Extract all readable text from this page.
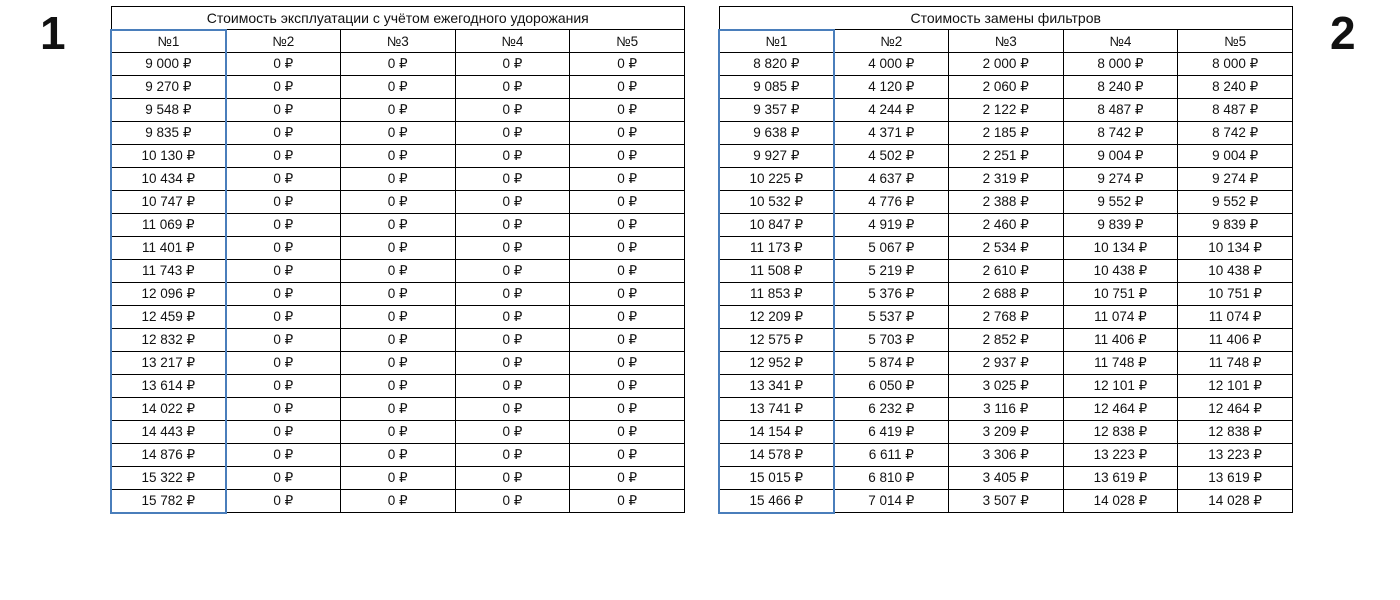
1	2
Стоимость эксплуатации с учётом ежегодного удорожания				
№1	№2	№3	№4	№5
9 000 ₽	0 ₽	0 ₽	0 ₽	0 ₽
9 270 ₽	0 ₽	0 ₽	0 ₽	0 ₽
9 548 ₽	0 ₽	0 ₽	0 ₽	0 ₽
9 835 ₽	0 ₽	0 ₽	0 ₽	0 ₽
10 130 ₽	0 ₽	0 ₽	0 ₽	0 ₽
10 434 ₽	0 ₽	0 ₽	0 ₽	0 ₽
10 747 ₽	0 ₽	0 ₽	0 ₽	0 ₽
11 069 ₽	0 ₽	0 ₽	0 ₽	0 ₽
11 401 ₽	0 ₽	0 ₽	0 ₽	0 ₽
11 743 ₽	0 ₽	0 ₽	0 ₽	0 ₽
12 096 ₽	0 ₽	0 ₽	0 ₽	0 ₽
12 459 ₽	0 ₽	0 ₽	0 ₽	0 ₽
12 832 ₽	0 ₽	0 ₽	0 ₽	0 ₽
13 217 ₽	0 ₽	0 ₽	0 ₽	0 ₽
13 614 ₽	0 ₽	0 ₽	0 ₽	0 ₽
14 022 ₽	0 ₽	0 ₽	0 ₽	0 ₽
14 443 ₽	0 ₽	0 ₽	0 ₽	0 ₽
14 876 ₽	0 ₽	0 ₽	0 ₽	0 ₽
15 322 ₽	0 ₽	0 ₽	0 ₽	0 ₽
15 782 ₽	0 ₽	0 ₽	0 ₽	0 ₽
Стоимость замены фильтров				
№1	№2	№3	№4	№5
8 820 ₽	4 000 ₽	2 000 ₽	8 000 ₽	8 000 ₽
9 085 ₽	4 120 ₽	2 060 ₽	8 240 ₽	8 240 ₽
9 357 ₽	4 244 ₽	2 122 ₽	8 487 ₽	8 487 ₽
9 638 ₽	4 371 ₽	2 185 ₽	8 742 ₽	8 742 ₽
9 927 ₽	4 502 ₽	2 251 ₽	9 004 ₽	9 004 ₽
10 225 ₽	4 637 ₽	2 319 ₽	9 274 ₽	9 274 ₽
10 532 ₽	4 776 ₽	2 388 ₽	9 552 ₽	9 552 ₽
10 847 ₽	4 919 ₽	2 460 ₽	9 839 ₽	9 839 ₽
11 173 ₽	5 067 ₽	2 534 ₽	10 134 ₽	10 134 ₽
11 508 ₽	5 219 ₽	2 610 ₽	10 438 ₽	10 438 ₽
11 853 ₽	5 376 ₽	2 688 ₽	10 751 ₽	10 751 ₽
12 209 ₽	5 537 ₽	2 768 ₽	11 074 ₽	11 074 ₽
12 575 ₽	5 703 ₽	2 852 ₽	11 406 ₽	11 406 ₽
12 952 ₽	5 874 ₽	2 937 ₽	11 748 ₽	11 748 ₽
13 341 ₽	6 050 ₽	3 025 ₽	12 101 ₽	12 101 ₽
13 741 ₽	6 232 ₽	3 116 ₽	12 464 ₽	12 464 ₽
14 154 ₽	6 419 ₽	3 209 ₽	12 838 ₽	12 838 ₽
14 578 ₽	6 611 ₽	3 306 ₽	13 223 ₽	13 223 ₽
15 015 ₽	6 810 ₽	3 405 ₽	13 619 ₽	13 619 ₽
15 466 ₽	7 014 ₽	3 507 ₽	14 028 ₽	14 028 ₽
